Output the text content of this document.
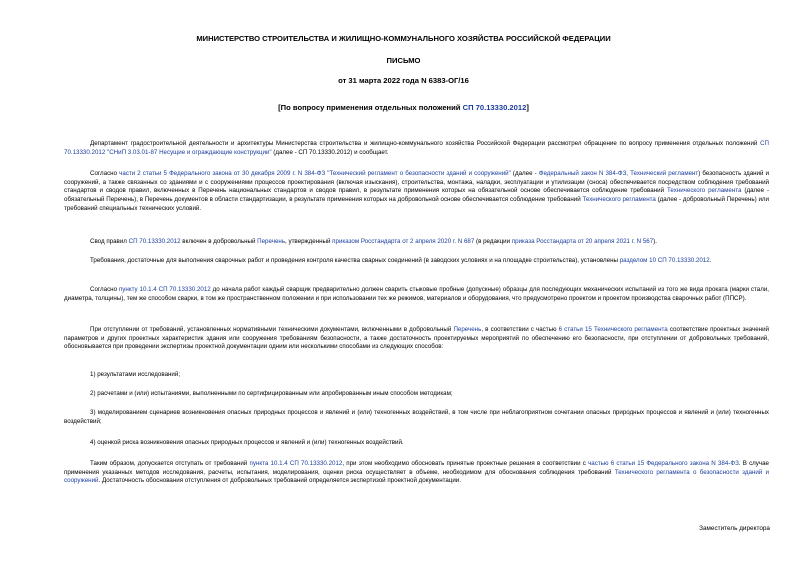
МИНИСТЕРСТВО СТРОИТЕЛЬСТВА И ЖИЛИЩНО-КОММУНАЛЬНОГО ХОЗЯЙСТВА РОССИЙСКОЙ ФЕДЕРАЦИИ
ПИСЬМО
от 31 марта 2022 года N 6383-ОГ/16
[По вопросу применения отдельных положений СП 70.13330.2012]

Департамент градостроительной деятельности и архитектуры Министерства строительства и жилищно-коммунального хозяйства Российской Федерации рассмотрел обращение по вопросу применения отдельных положений СП 70.13330.2012 "СНиП 3.03.01-87 Несущие и ограждающие конструкции" (далее - СП 70.13330.2012) и сообщает.

Согласно части 2 статьи 5 Федерального закона от 30 декабря 2009 г. N 384-ФЗ "Технический регламент о безопасности зданий и сооружений" (далее - Федеральный закон N 384-ФЗ, Технический регламент) безопасность зданий и сооружений, а также связанных со зданиями и с сооружениями процессов проектирования (включая изыскания), строительства, монтажа, наладки, эксплуатации и утилизации (сноса) обеспечивается посредством соблюдения требований стандартов и сводов правил, включенных в Перечень национальных стандартов и сводов правил, в результате применения которых на обязательной основе обеспечивается соблюдение требований Технического регламента (далее - обязательный Перечень), в Перечень документов в области стандартизации, в результате применения которых на добровольной основе обеспечивается соблюдение требований Технического регламента (далее - добровольный Перечень) или требований специальных технических условий.

Свод правил СП 70.13330.2012 включен в добровольный Перечень, утвержденный приказом Росстандарта от 2 апреля 2020 г. N 687 (в редакции приказа Росстандарта от 20 апреля 2021 г. N 567).

Требования, достаточные для выполнения сварочных работ и проведения контроля качества сварных соединений (в заводских условиях и на площадке строительства), установлены разделом 10 СП 70.13330.2012.

Согласно пункту 10.1.4 СП 70.13330.2012 до начала работ каждый сварщик предварительно должен сварить стыковые пробные (допускные) образцы для последующих механических испытаний из того же вида проката (марки стали, диаметра, толщины), тем же способом сварки, в том же пространственном положении и при использовании тех же режимов, материалов и оборудования, что предусмотрено проектом и проектом производства сварочных работ (ППСР).

При отступлении от требований, установленных нормативными техническими документами, включенными в добровольный Перечень, в соответствии с частью 6 статьи 15 Технического регламента соответствие проектных значений параметров и других проектных характеристик здания или сооружения требованиям безопасности, а также достаточность проектируемых мероприятий по обеспечению его безопасности, при отступлении от добровольных требований, обосновывается при проведении экспертизы проектной документации одним или несколькими способами из следующих способов:

1) результатами исследований;

2) расчетами и (или) испытаниями, выполненными по сертифицированным или апробированным иным способом методикам;

3) моделированием сценариев возникновения опасных природных процессов и явлений и (или) техногенных воздействий, в том числе при неблагоприятном сочетании опасных природных процессов и явлений и (или) техногенных воздействий;

4) оценкой риска возникновения опасных природных процессов и явлений и (или) техногенных воздействий.

Таким образом, допускается отступать от требований пункта 10.1.4 СП 70.13330.2012, при этом необходимо обосновать принятые проектные решения в соответствии с частью 6 статьи 15 Федерального закона N 384-ФЗ. В случае применения указанных методов исследования, расчеты, испытания, моделирования, оценки риска осуществляет в объеме, необходимом для обоснования соблюдения требований Технического регламента о безопасности зданий и сооружений. Достаточность обоснования отступления от добровольных требований определяется экспертизой проектной документации.

Заместитель директора
